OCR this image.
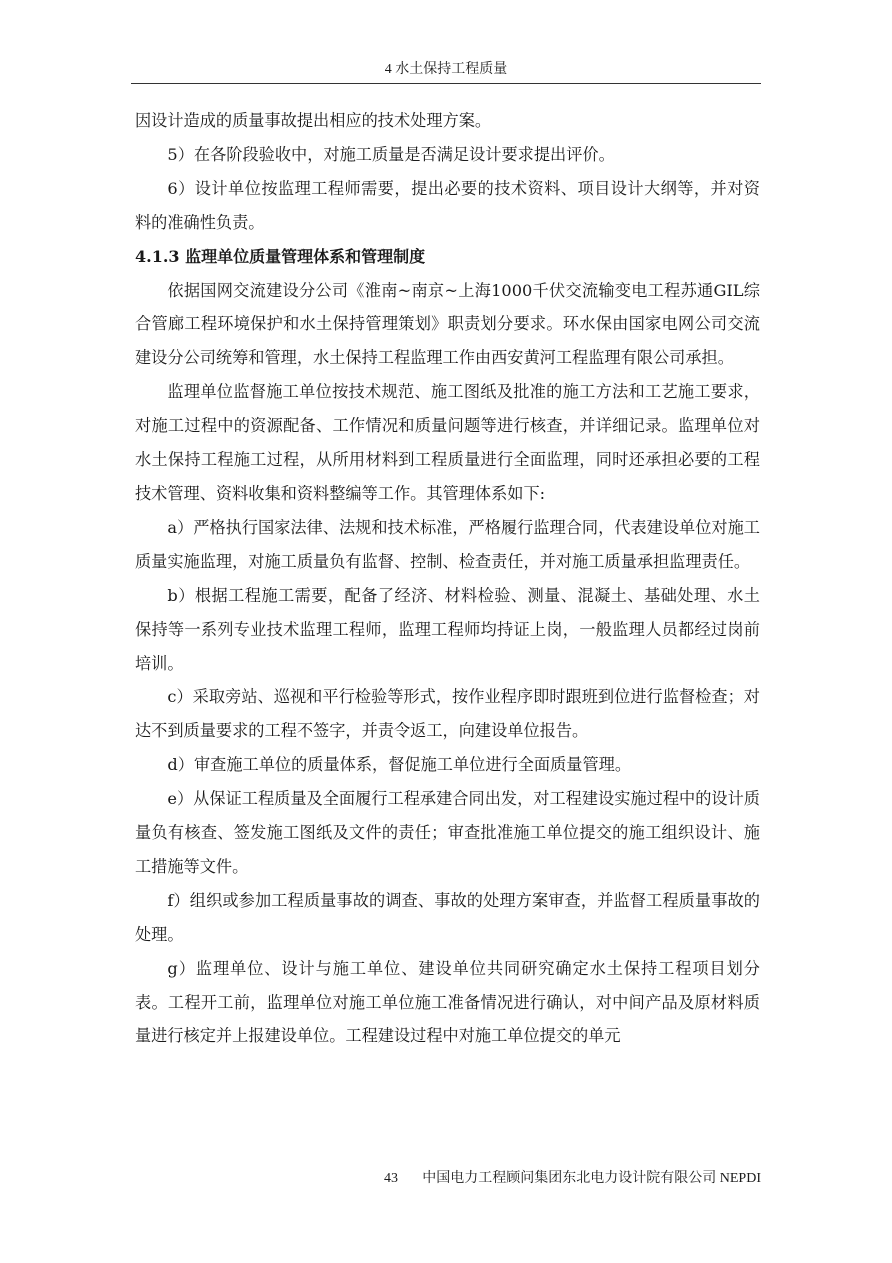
4 水土保持工程质量

因设计造成的质量事故提出相应的技术处理方案。

5）在各阶段验收中，对施工质量是否满足设计要求提出评价。

6）设计单位按监理工程师需要，提出必要的技术资料、项目设计大纲等，并对资料的准确性负责。

4.1.3 监理单位质量管理体系和管理制度

依据国网交流建设分公司《淮南~南京~上海1000千伏交流输变电工程苏通GIL综合管廊工程环境保护和水土保持管理策划》职责划分要求。环水保由国家电网公司交流建设分公司统筹和管理，水土保持工程监理工作由西安黄河工程监理有限公司承担。

监理单位监督施工单位按技术规范、施工图纸及批准的施工方法和工艺施工要求，对施工过程中的资源配备、工作情况和质量问题等进行核查，并详细记录。监理单位对水土保持工程施工过程，从所用材料到工程质量进行全面监理，同时还承担必要的工程技术管理、资料收集和资料整编等工作。其管理体系如下:

a）严格执行国家法律、法规和技术标准，严格履行监理合同，代表建设单位对施工质量实施监理，对施工质量负有监督、控制、检查责任，并对施工质量承担监理责任。

b）根据工程施工需要，配备了经济、材料检验、测量、混凝土、基础处理、水土保持等一系列专业技术监理工程师，监理工程师均持证上岗，一般监理人员都经过岗前培训。

c）采取旁站、巡视和平行检验等形式，按作业程序即时跟班到位进行监督检查；对达不到质量要求的工程不签字，并责令返工，向建设单位报告。

d）审查施工单位的质量体系，督促施工单位进行全面质量管理。

e）从保证工程质量及全面履行工程承建合同出发，对工程建设实施过程中的设计质量负有核查、签发施工图纸及文件的责任；审查批准施工单位提交的施工组织设计、施工措施等文件。

f）组织或参加工程质量事故的调查、事故的处理方案审查，并监督工程质量事故的处理。

g）监理单位、设计与施工单位、建设单位共同研究确定水土保持工程项目划分表。工程开工前，监理单位对施工单位施工准备情况进行确认，对中间产品及原材料质量进行核定并上报建设单位。工程建设过程中对施工单位提交的单元

43 中国电力工程顾问集团东北电力设计院有限公司 NEPDI
